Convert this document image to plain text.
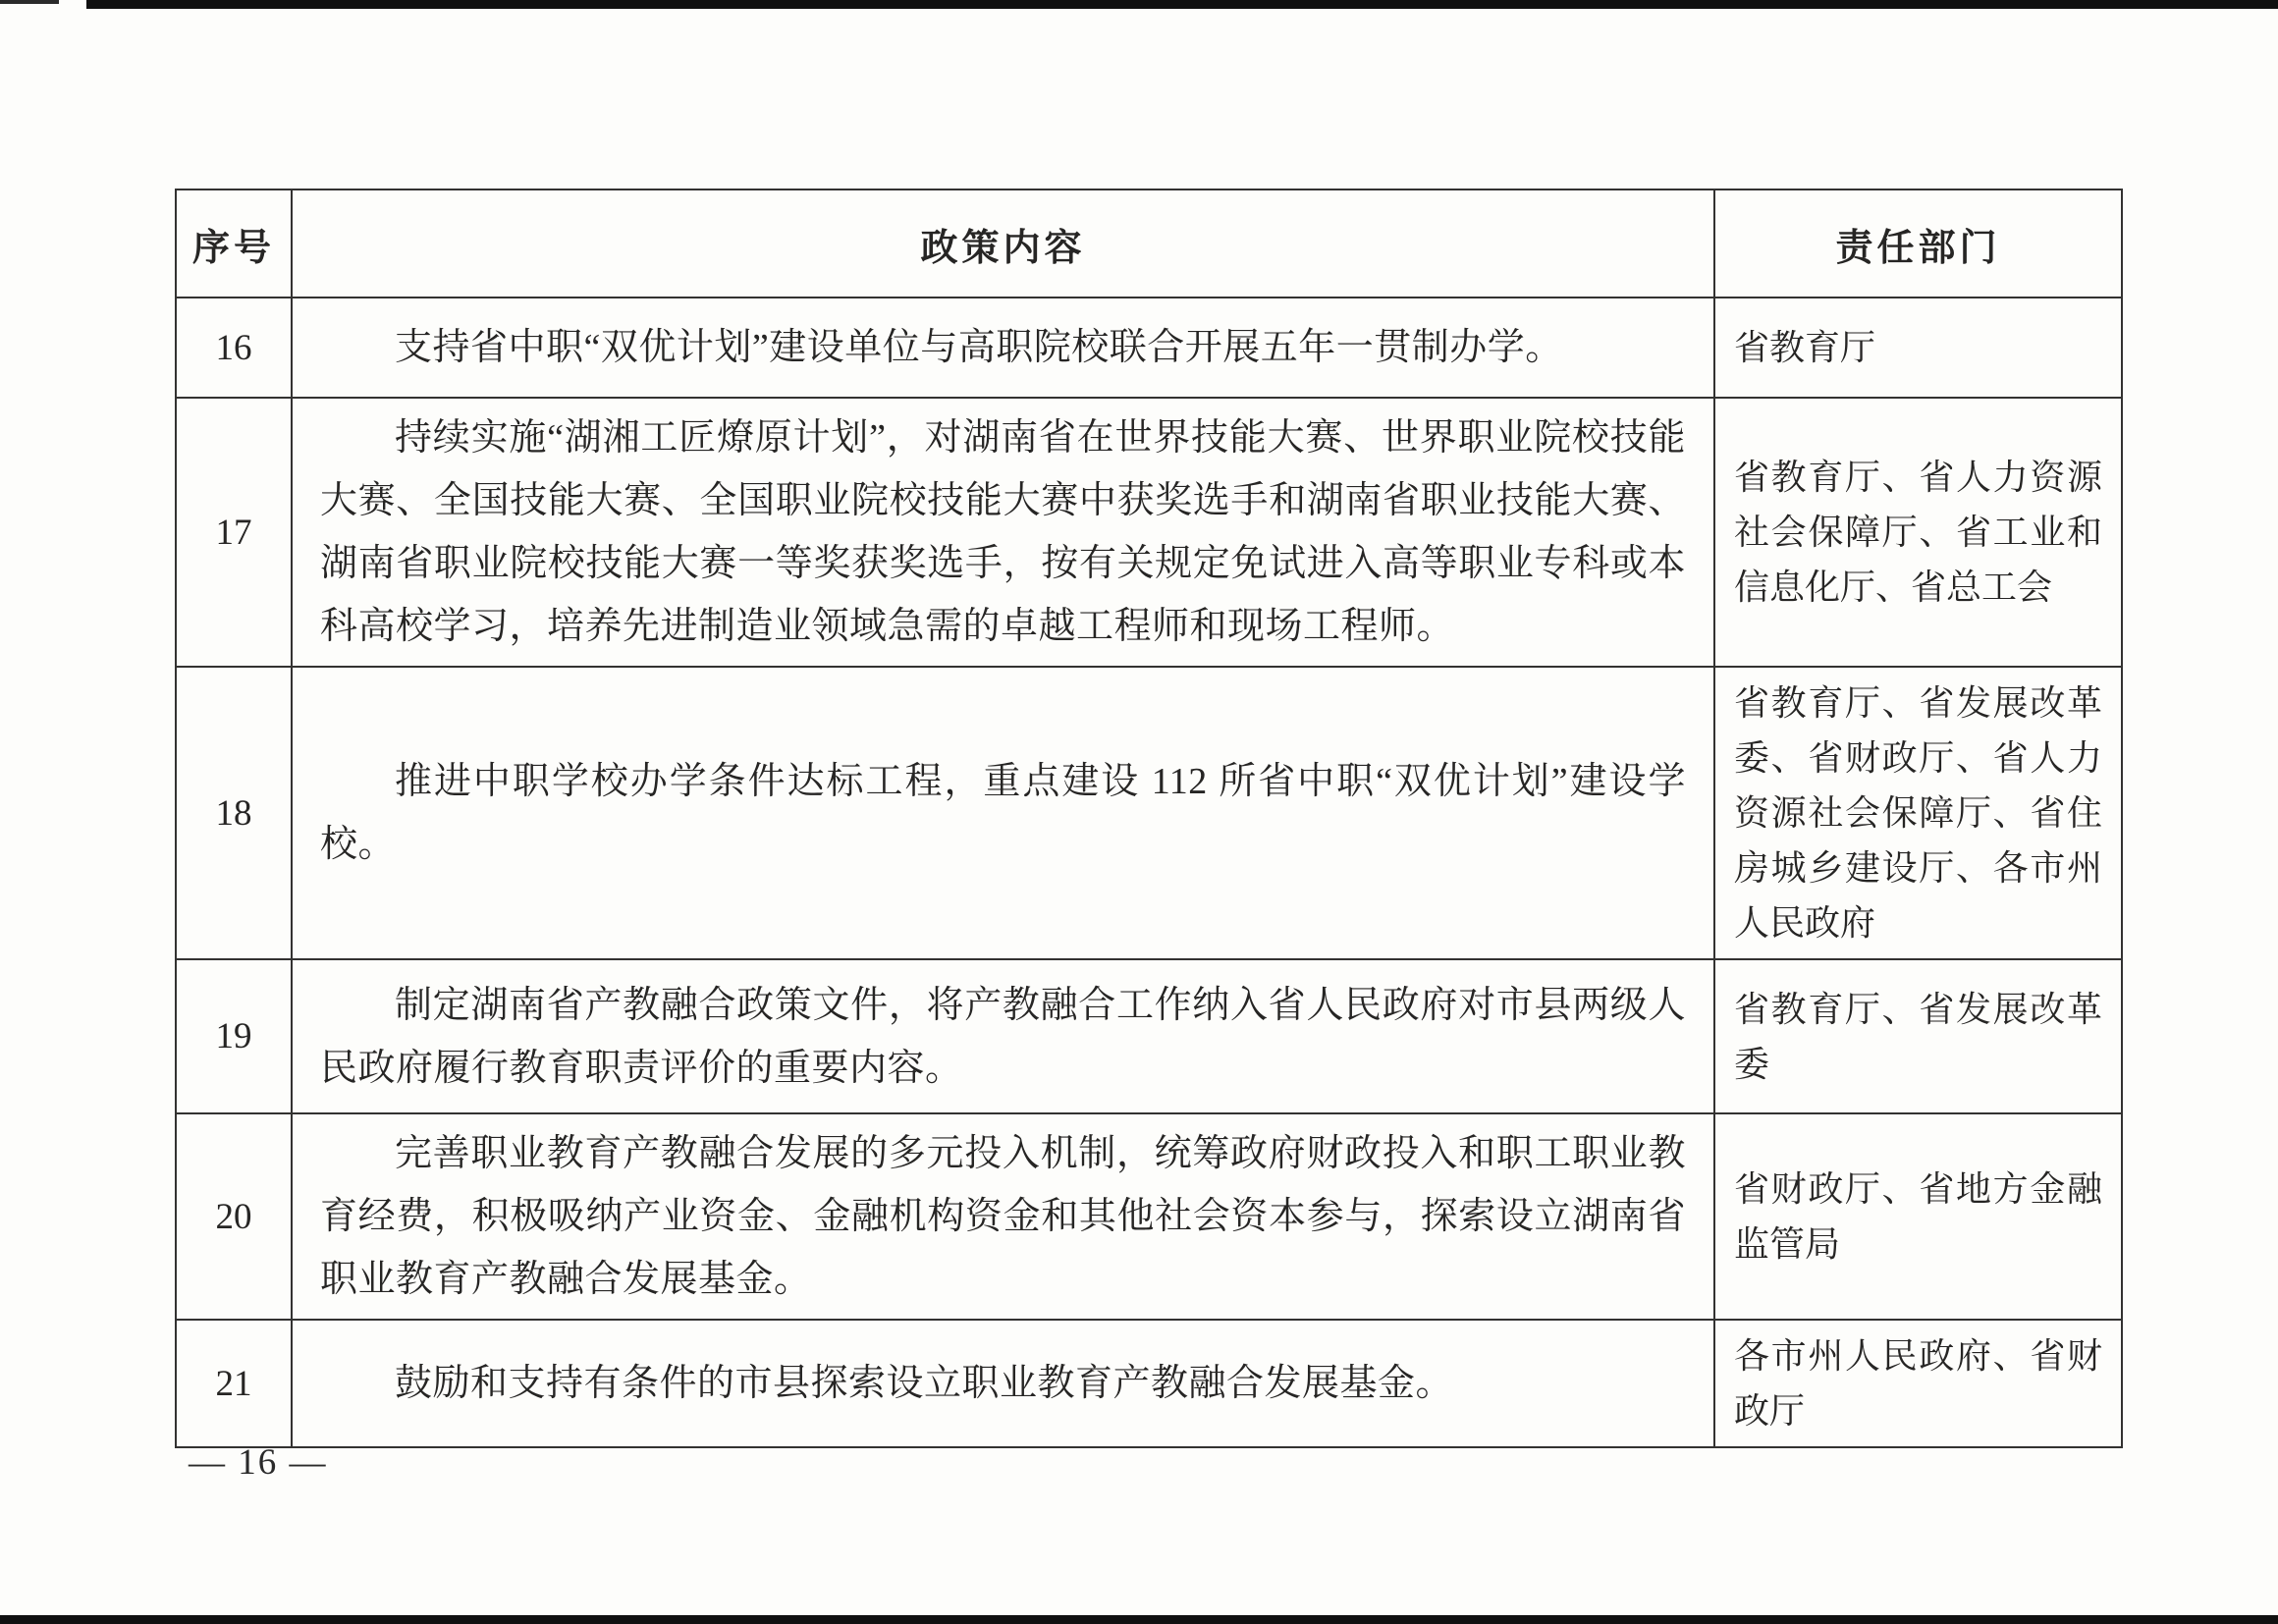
序号	政策内容	责任部门
16	支持省中职“双优计划”建设单位与高职院校联合开展五年一贯制办学。	省教育厅
17	持续实施“湖湘工匠燎原计划”，对湖南省在世界技能大赛、世界职业院校技能大赛、全国技能大赛、全国职业院校技能大赛中获奖选手和湖南省职业技能大赛、湖南省职业院校技能大赛一等奖获奖选手，按有关规定免试进入高等职业专科或本科高校学习，培养先进制造业领域急需的卓越工程师和现场工程师。	省教育厅、省人力资源社会保障厅、省工业和信息化厅、省总工会
18	推进中职学校办学条件达标工程，重点建设 112 所省中职“双优计划”建设学校。	省教育厅、省发展改革委、省财政厅、省人力资源社会保障厅、省住房城乡建设厅、各市州人民政府
19	制定湖南省产教融合政策文件，将产教融合工作纳入省人民政府对市县两级人民政府履行教育职责评价的重要内容。	省教育厅、省发展改革委
20	完善职业教育产教融合发展的多元投入机制，统筹政府财政投入和职工职业教育经费，积极吸纳产业资金、金融机构资金和其他社会资本参与，探索设立湖南省职业教育产教融合发展基金。	省财政厅、省地方金融监管局
21	鼓励和支持有条件的市县探索设立职业教育产教融合发展基金。	各市州人民政府、省财政厅
— 16 —
